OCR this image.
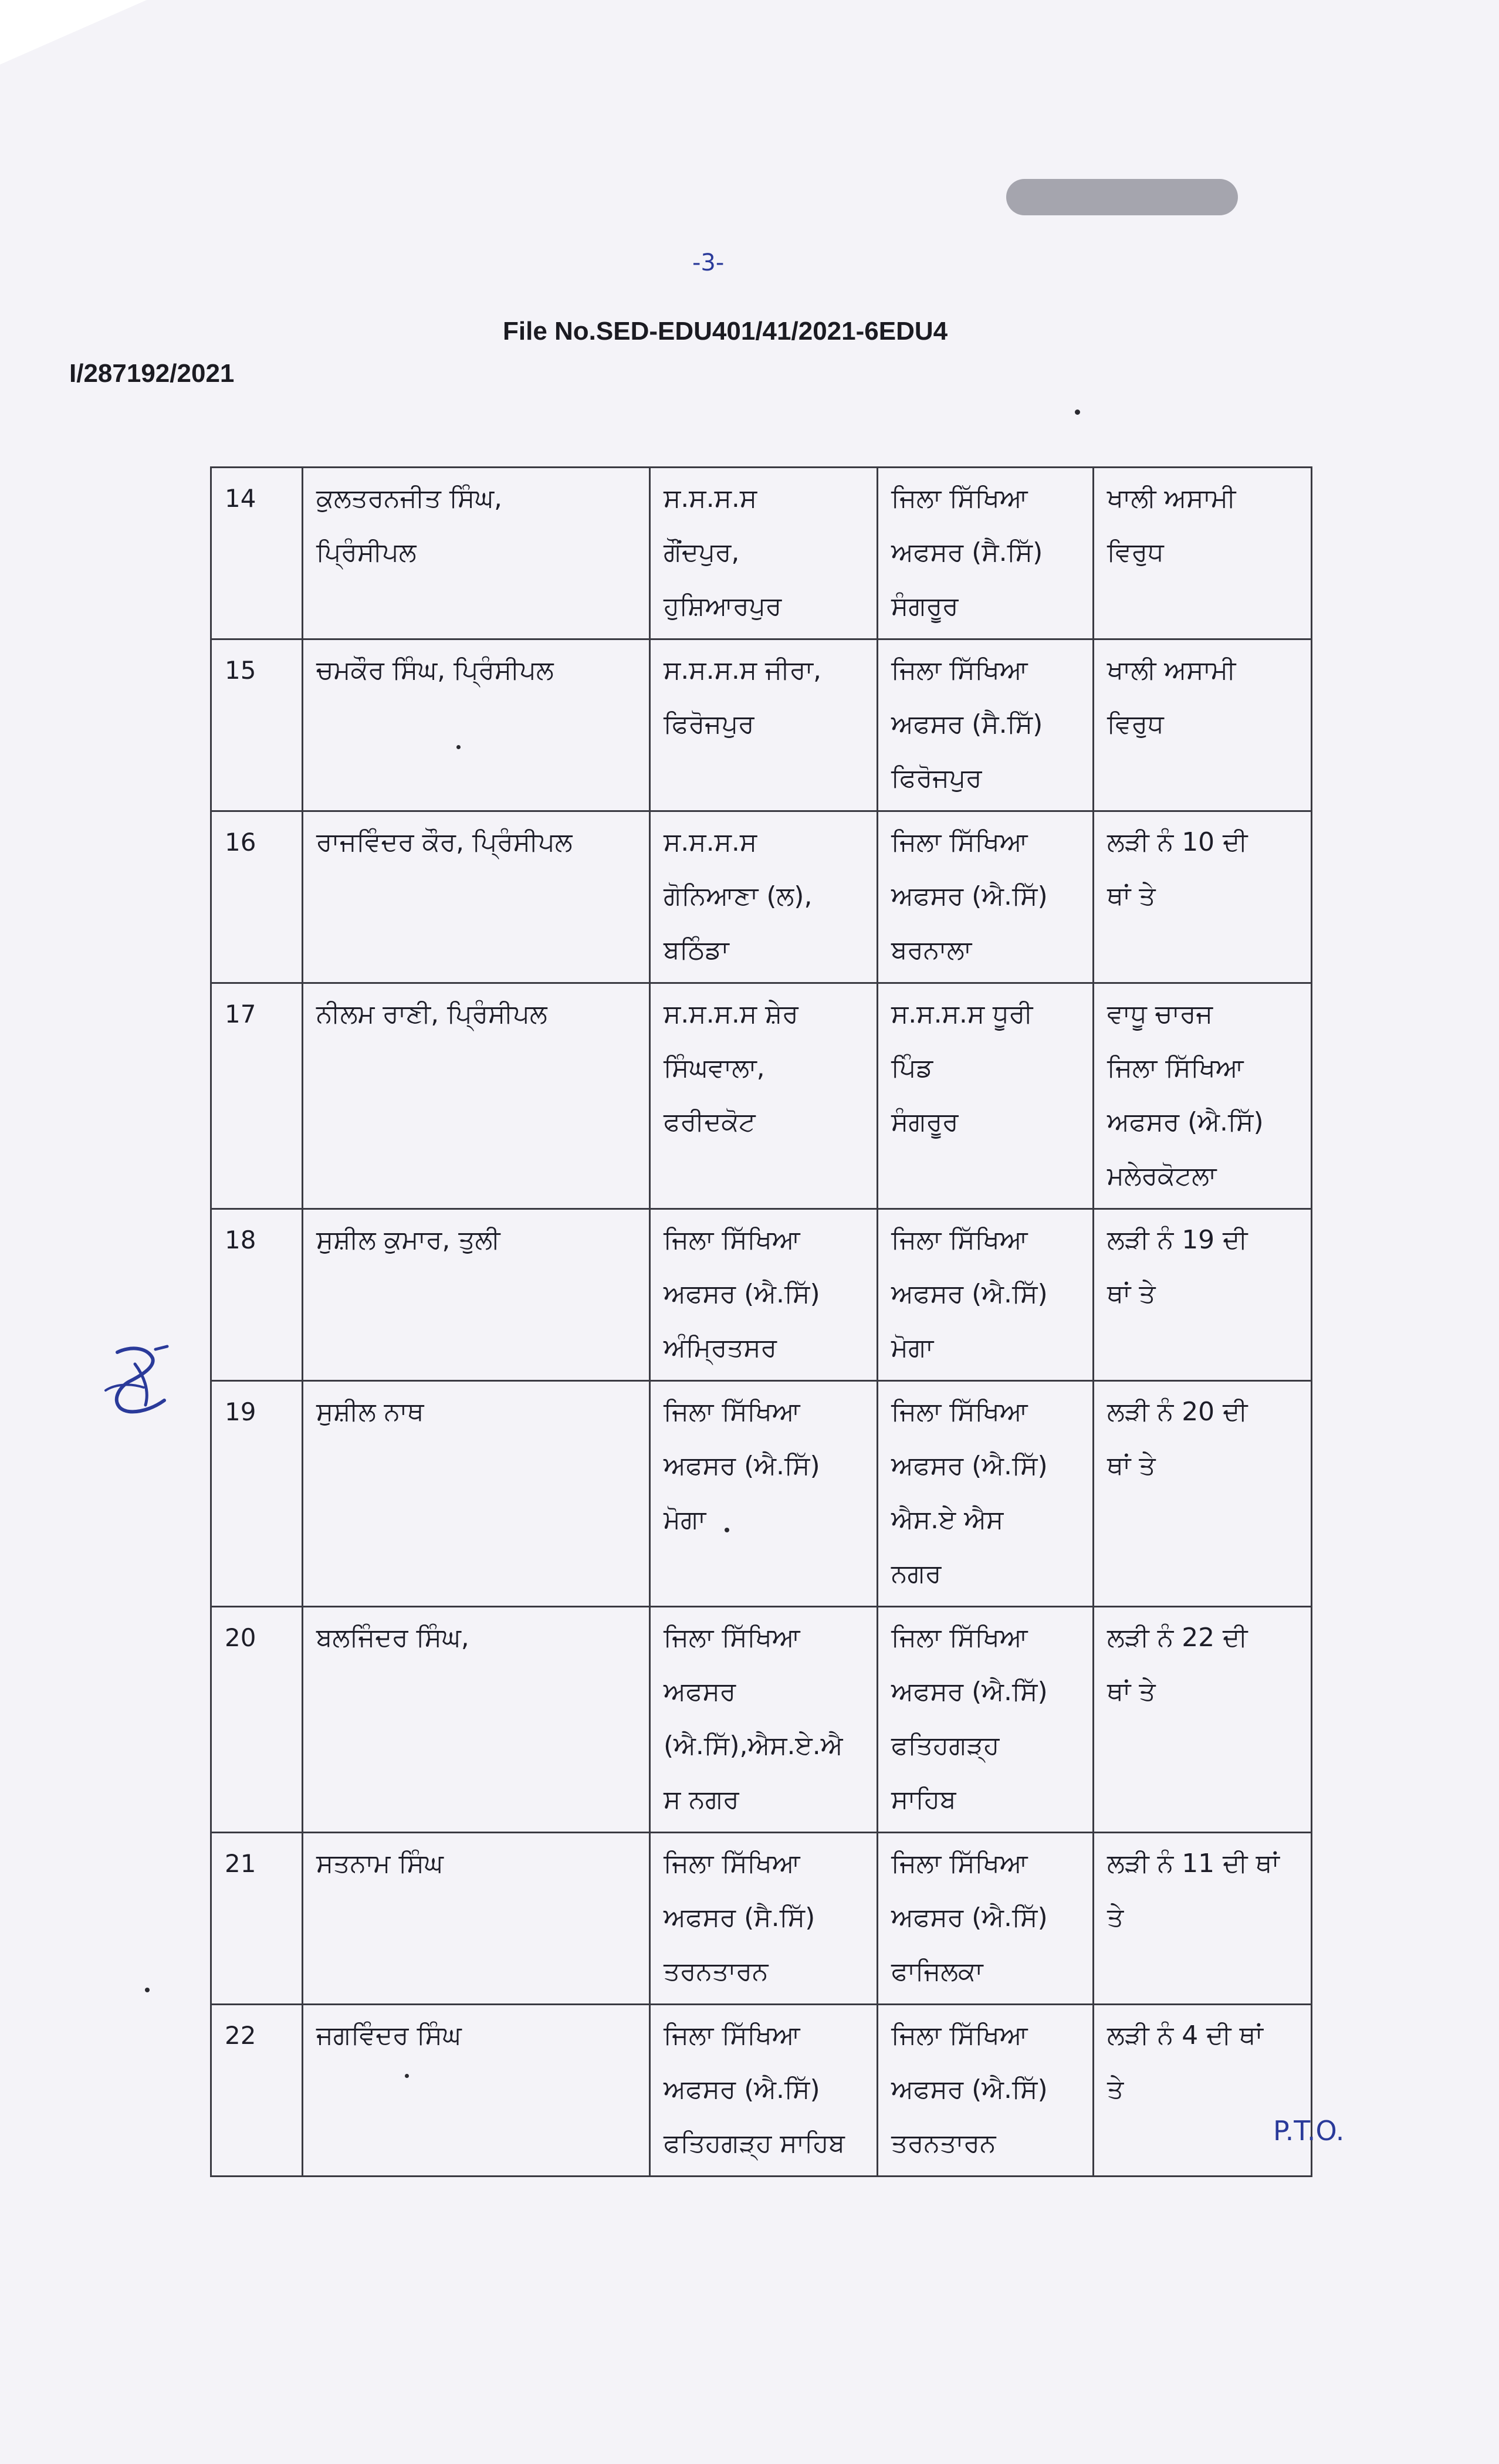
-3-
File No.SED-EDU401/41/2021-6EDU4
I/287192/2021
14	ਕੁਲਤਰਨਜੀਤ ਸਿੰਘ,
ਪ੍ਰਿੰਸੀਪਲ	ਸ.ਸ.ਸ.ਸ
ਗੌਂਦਪੁਰ,
ਹੁਸ਼ਿਆਰਪੁਰ	ਜਿਲਾ ਸਿੱਖਿਆ
ਅਫਸਰ (ਸੈ.ਸਿੱ)
ਸੰਗਰੂਰ	ਖਾਲੀ ਅਸਾਮੀ
ਵਿਰੁਧ

15	ਚਮਕੌਰ ਸਿੰਘ, ਪ੍ਰਿੰਸੀਪਲ	ਸ.ਸ.ਸ.ਸ ਜੀਰਾ,
ਫਿਰੋਜਪੁਰ	ਜਿਲਾ ਸਿੱਖਿਆ
ਅਫਸਰ (ਸੈ.ਸਿੱ)
ਫਿਰੋਜਪੁਰ	ਖਾਲੀ ਅਸਾਮੀ
ਵਿਰੁਧ

16	ਰਾਜਵਿੰਦਰ ਕੌਰ, ਪ੍ਰਿੰਸੀਪਲ	ਸ.ਸ.ਸ.ਸ
ਗੋਨਿਆਣਾ (ਲ),
ਬਠਿੰਡਾ	ਜਿਲਾ ਸਿੱਖਿਆ
ਅਫਸਰ (ਐ.ਸਿੱ)
ਬਰਨਾਲਾ	ਲੜੀ ਨੰ 10 ਦੀ
ਥਾਂ ਤੇ

17	ਨੀਲਮ ਰਾਣੀ, ਪ੍ਰਿੰਸੀਪਲ	ਸ.ਸ.ਸ.ਸ ਸ਼ੇਰ
ਸਿੰਘਵਾਲਾ,
ਫਰੀਦਕੋਟ	ਸ.ਸ.ਸ.ਸ ਧੂਰੀ
ਪਿੰਡ
ਸੰਗਰੂਰ	ਵਾਧੂ ਚਾਰਜ
ਜਿਲਾ ਸਿੱਖਿਆ
ਅਫਸਰ (ਐ.ਸਿੱ)
ਮਲੇਰਕੋਟਲਾ

18	ਸੁਸ਼ੀਲ ਕੁਮਾਰ, ਤੁਲੀ	ਜਿਲਾ ਸਿੱਖਿਆ
ਅਫਸਰ (ਐ.ਸਿੱ)
ਅੰਮ੍ਰਿਤਸਰ	ਜਿਲਾ ਸਿੱਖਿਆ
ਅਫਸਰ (ਐ.ਸਿੱ)
ਮੋਗਾ	ਲੜੀ ਨੰ 19 ਦੀ
ਥਾਂ ਤੇ

19	ਸੁਸ਼ੀਲ ਨਾਥ	ਜਿਲਾ ਸਿੱਖਿਆ
ਅਫਸਰ (ਐ.ਸਿੱ)
ਮੋਗਾ	ਜਿਲਾ ਸਿੱਖਿਆ
ਅਫਸਰ (ਐ.ਸਿੱ)
ਐਸ.ਏ ਐਸ
ਨਗਰ	ਲੜੀ ਨੰ 20 ਦੀ
ਥਾਂ ਤੇ

20	ਬਲਜਿੰਦਰ ਸਿੰਘ,	ਜਿਲਾ ਸਿੱਖਿਆ
ਅਫਸਰ
(ਐ.ਸਿੱ),ਐਸ.ਏ.ਐ
ਸ ਨਗਰ	ਜਿਲਾ ਸਿੱਖਿਆ
ਅਫਸਰ (ਐ.ਸਿੱ)
ਫਤਿਹਗੜ੍ਹ
ਸਾਹਿਬ	ਲੜੀ ਨੰ 22 ਦੀ
ਥਾਂ ਤੇ

21	ਸਤਨਾਮ ਸਿੰਘ	ਜਿਲਾ ਸਿੱਖਿਆ
ਅਫਸਰ (ਸੈ.ਸਿੱ)
ਤਰਨਤਾਰਨ	ਜਿਲਾ ਸਿੱਖਿਆ
ਅਫਸਰ (ਐ.ਸਿੱ)
ਫਾਜਿਲਕਾ	ਲੜੀ ਨੰ 11 ਦੀ ਥਾਂ
ਤੇ

22	ਜਗਵਿੰਦਰ ਸਿੰਘ	ਜਿਲਾ ਸਿੱਖਿਆ
ਅਫਸਰ (ਐ.ਸਿੱ)
ਫਤਿਹਗੜ੍ਹ ਸਾਹਿਬ	ਜਿਲਾ ਸਿੱਖਿਆ
ਅਫਸਰ (ਐ.ਸਿੱ)
ਤਰਨਤਾਰਨ	ਲੜੀ ਨੰ 4 ਦੀ ਥਾਂ
ਤੇ
P.T.O.
